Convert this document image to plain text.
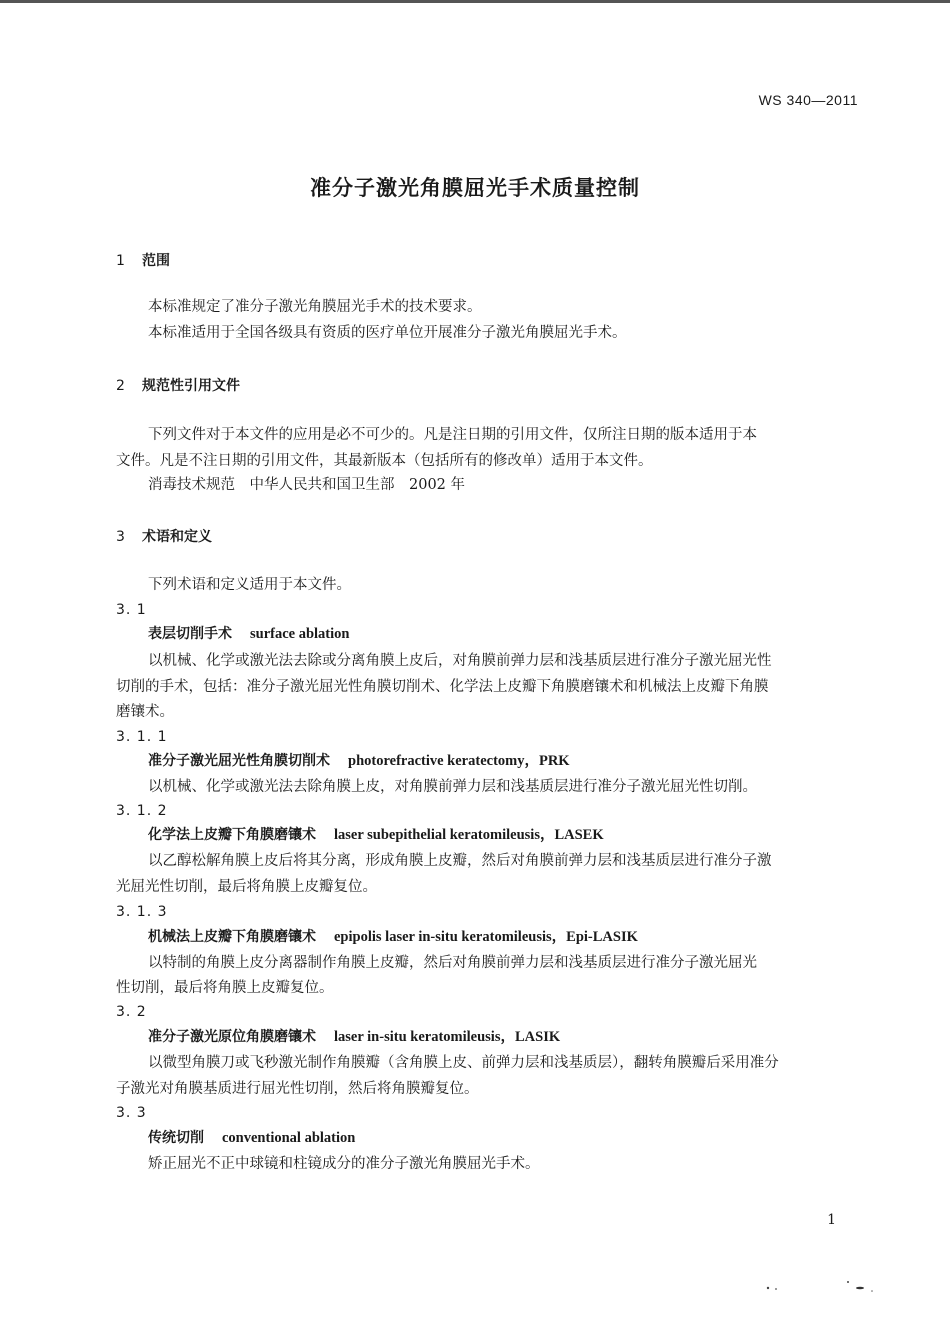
WS 340—2011
准分子激光角膜屈光手术质量控制
1 范围
本标准规定了准分子激光角膜屈光手术的技术要求。
本标准适用于全国各级具有资质的医疗单位开展准分子激光角膜屈光手术。
2 规范性引用文件
下列文件对于本文件的应用是必不可少的。凡是注日期的引用文件，仅所注日期的版本适用于本
文件。凡是不注日期的引用文件，其最新版本（包括所有的修改单）适用于本文件。
消毒技术规范　中华人民共和国卫生部　2002 年
3 术语和定义
下列术语和定义适用于本文件。
3. 1
表层切削手术 surface ablation
以机械、化学或激光法去除或分离角膜上皮后，对角膜前弹力层和浅基质层进行准分子激光屈光性
切削的手术，包括：准分子激光屈光性角膜切削术、化学法上皮瓣下角膜磨镶术和机械法上皮瓣下角膜
磨镶术。
3. 1. 1
准分子激光屈光性角膜切削术 photorefractive keratectomy，PRK
以机械、化学或激光法去除角膜上皮，对角膜前弹力层和浅基质层进行准分子激光屈光性切削。
3. 1. 2
化学法上皮瓣下角膜磨镶术 laser subepithelial keratomileusis，LASEK
以乙醇松解角膜上皮后将其分离，形成角膜上皮瓣，然后对角膜前弹力层和浅基质层进行准分子激
光屈光性切削，最后将角膜上皮瓣复位。
3. 1. 3
机械法上皮瓣下角膜磨镶术 epipolis laser in-situ keratomileusis，Epi-LASIK
以特制的角膜上皮分离器制作角膜上皮瓣，然后对角膜前弹力层和浅基质层进行准分子激光屈光
性切削，最后将角膜上皮瓣复位。
3. 2
准分子激光原位角膜磨镶术 laser in-situ keratomileusis，LASIK
以微型角膜刀或飞秒激光制作角膜瓣（含角膜上皮、前弹力层和浅基质层），翻转角膜瓣后采用准分
子激光对角膜基质进行屈光性切削，然后将角膜瓣复位。
3. 3
传统切削 conventional ablation
矫正屈光不正中球镜和柱镜成分的准分子激光角膜屈光手术。
1
